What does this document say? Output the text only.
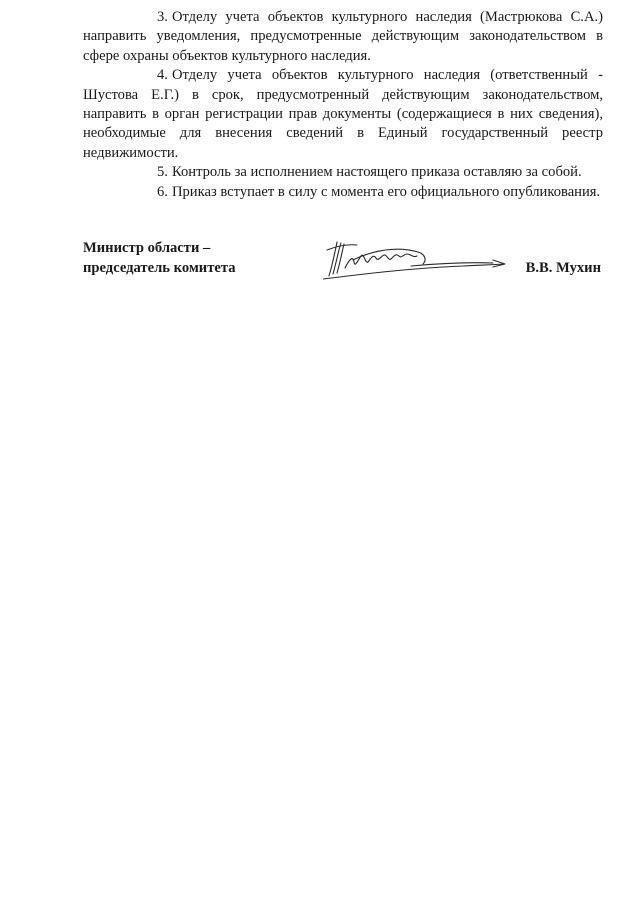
3. Отделу учета объектов культурного наследия (Мастрюкова С.А.) направить уведомления, предусмотренные действующим законодательством в сфере охраны объектов культурного наследия.

4. Отделу учета объектов культурного наследия (ответственный - Шустова Е.Г.) в срок, предусмотренный действующим законодательством, направить в орган регистрации прав документы (содержащиеся в них сведения), необходимые для внесения сведений в Единый государственный реестр недвижимости.

5. Контроль за исполнением настоящего приказа оставляю за собой.

6. Приказ вступает в силу с момента его официального опубликования.

Министр области –
председатель комитета	В.В. Мухин
